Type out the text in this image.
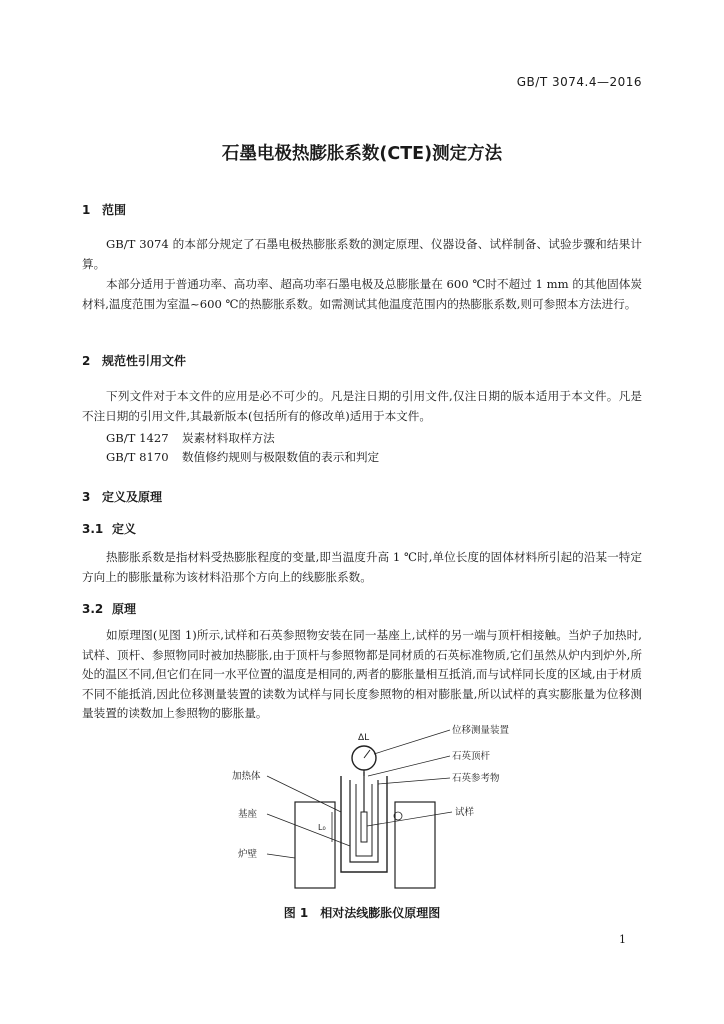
GB/T 3074.4—2016
石墨电极热膨胀系数(CTE)测定方法
1 范围
GB/T 3074 的本部分规定了石墨电极热膨胀系数的测定原理、仪器设备、试样制备、试验步骤和结果计算。
本部分适用于普通功率、高功率、超高功率石墨电极及总膨胀量在 600 ℃时不超过 1 mm 的其他固体炭材料,温度范围为室温~600 ℃的热膨胀系数。如需测试其他温度范围内的热膨胀系数,则可参照本方法进行。
2 规范性引用文件
下列文件对于本文件的应用是必不可少的。凡是注日期的引用文件,仅注日期的版本适用于本文件。凡是不注日期的引用文件,其最新版本(包括所有的修改单)适用于本文件。
GB/T 1427 炭素材料取样方法
GB/T 8170 数值修约规则与极限数值的表示和判定
3 定义及原理
3.1 定义
热膨胀系数是指材料受热膨胀程度的变量,即当温度升高 1 ℃时,单位长度的固体材料所引起的沿某一特定方向上的膨胀量称为该材料沿那个方向上的线膨胀系数。
3.2 原理
如原理图(见图 1)所示,试样和石英参照物安装在同一基座上,试样的另一端与顶杆相接触。当炉子加热时,试样、顶杆、参照物同时被加热膨胀,由于顶杆与参照物都是同材质的石英标准物质,它们虽然从炉内到炉外,所处的温区不同,但它们在同一水平位置的温度是相同的,两者的膨胀量相互抵消,而与试样同长度的区域,由于材质不同不能抵消,因此位移测量装置的读数为试样与同长度参照物的相对膨胀量,所以试样的真实膨胀量为位移测量装置的读数加上参照物的膨胀量。
ΔL
L₀
位移测量装置
石英顶杆
石英参考物
试样
加热体
基座
炉壁
图 1　相对法线膨胀仪原理图
1
